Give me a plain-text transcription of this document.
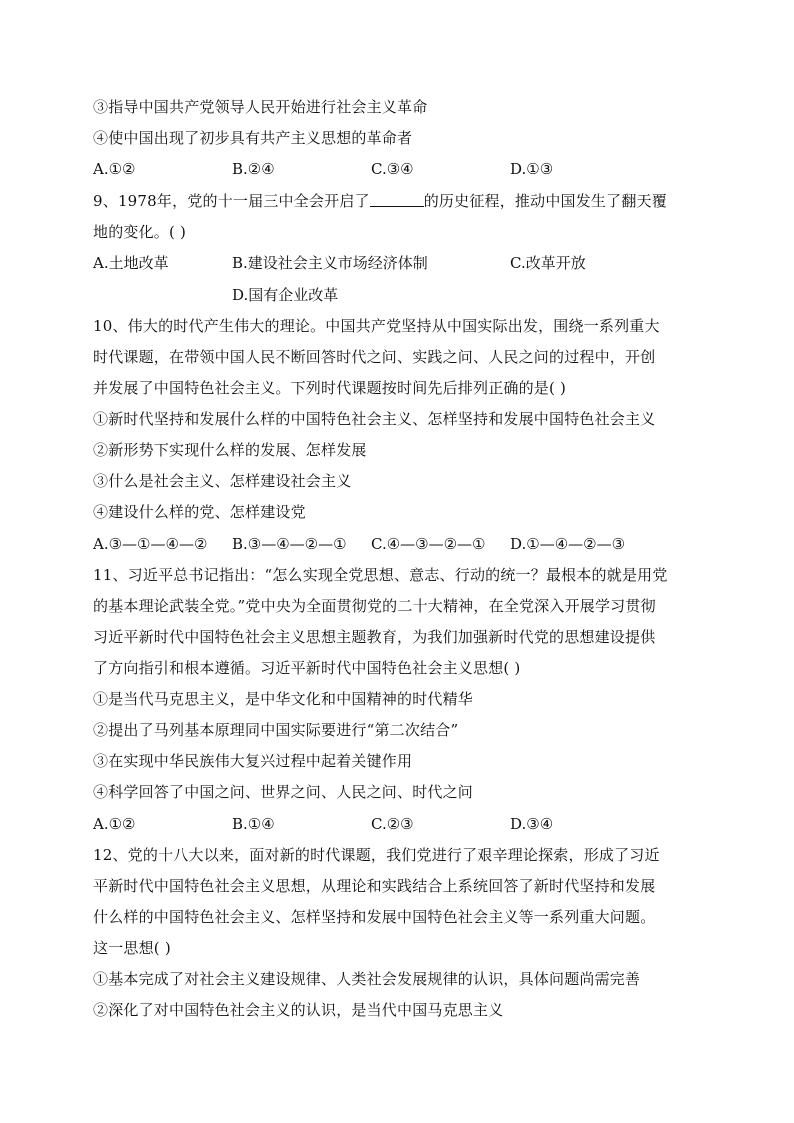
③指导中国共产党领导人民开始进行社会主义革命
④使中国出现了初步具有共产主义思想的革命者
A.①②	B.②④	C.③④	D.①③
9、1978年，党的十一届三中全会开启了	的历史征程，推动中国发生了翻天覆
地的变化。( )
A.土地改革	B.建设社会主义市场经济体制	C.改革开放
D.国有企业改革
10、伟大的时代产生伟大的理论。中国共产党坚持从中国实际出发，围绕一系列重大
时代课题，在带领中国人民不断回答时代之问、实践之问、人民之问的过程中，开创
并发展了中国特色社会主义。下列时代课题按时间先后排列正确的是( )
①新时代坚持和发展什么样的中国特色社会主义、怎样坚持和发展中国特色社会主义
②新形势下实现什么样的发展、怎样发展
③什么是社会主义、怎样建设社会主义
④建设什么样的党、怎样建设党
A.③—①—④—② B.③—④—②—① C.④—③—②—① D.①—④—②—③
11、习近平总书记指出：“怎么实现全党思想、意志、行动的统一？最根本的就是用党
的基本理论武装全党。”党中央为全面贯彻党的二十大精神，在全党深入开展学习贯彻
习近平新时代中国特色社会主义思想主题教育，为我们加强新时代党的思想建设提供
了方向指引和根本遵循。习近平新时代中国特色社会主义思想( )
①是当代马克思主义，是中华文化和中国精神的时代精华
②提出了马列基本原理同中国实际要进行“第二次结合”
③在实现中华民族伟大复兴过程中起着关键作用
④科学回答了中国之问、世界之问、人民之问、时代之问
A.①②	B.①④	C.②③	D.③④
12、党的十八大以来，面对新的时代课题，我们党进行了艰辛理论探索，形成了习近
平新时代中国特色社会主义思想，从理论和实践结合上系统回答了新时代坚持和发展
什么样的中国特色社会主义、怎样坚持和发展中国特色社会主义等一系列重大问题。
这一思想( )
①基本完成了对社会主义建设规律、人类社会发展规律的认识，具体问题尚需完善
②深化了对中国特色社会主义的认识，是当代中国马克思主义
